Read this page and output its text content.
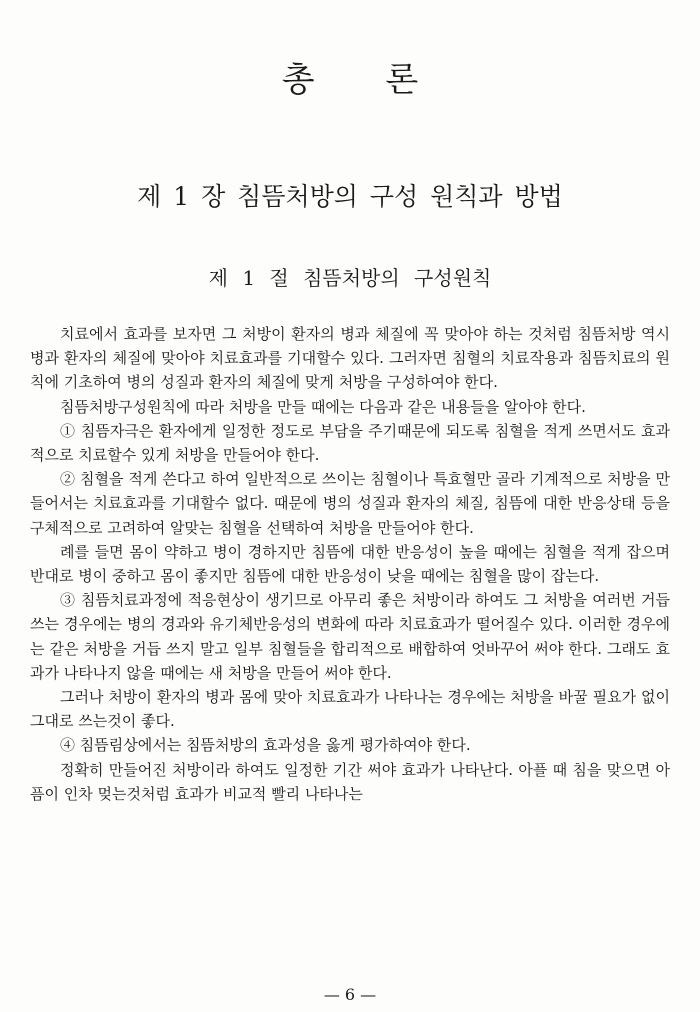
총 론
제 1 장 침뜸처방의 구성 원칙과 방법
제 1 절 침뜸처방의 구성원칙

치료에서 효과를 보자면 그 처방이 환자의 병과 체질에 꼭 맞아야 하는 것처럼 침뜸처방 역시 병과 환자의 체질에 맞아야 치료효과를 기대할수 있다. 그러자면 침혈의 치료작용과 침뜸치료의 원칙에 기초하여 병의 성질과 환자의 체질에 맞게 처방을 구성하여야 한다.

침뜸처방구성원칙에 따라 처방을 만들 때에는 다음과 같은 내용들을 알아야 한다.

① 침뜸자극은 환자에게 일정한 정도로 부담을 주기때문에 되도록 침혈을 적게 쓰면서도 효과적으로 치료할수 있게 처방을 만들어야 한다.

② 침혈을 적게 쓴다고 하여 일반적으로 쓰이는 침혈이나 특효혈만 골라 기계적으로 처방을 만들어서는 치료효과를 기대할수 없다. 때문에 병의 성질과 환자의 체질, 침뜸에 대한 반응상태 등을 구체적으로 고려하여 알맞는 침혈을 선택하여 처방을 만들어야 한다.

례를 들면 몸이 약하고 병이 경하지만 침뜸에 대한 반응성이 높을 때에는 침혈을 적게 잡으며 반대로 병이 중하고 몸이 좋지만 침뜸에 대한 반응성이 낮을 때에는 침혈을 많이 잡는다.

③ 침뜸치료과정에 적응현상이 생기므로 아무리 좋은 처방이라 하여도 그 처방을 여러번 거듭 쓰는 경우에는 병의 경과와 유기체반응성의 변화에 따라 치료효과가 떨어질수 있다. 이러한 경우에는 같은 처방을 거듭 쓰지 말고 일부 침혈들을 합리적으로 배합하여 엇바꾸어 써야 한다. 그래도 효과가 나타나지 않을 때에는 새 처방을 만들어 써야 한다.

그러나 처방이 환자의 병과 몸에 맞아 치료효과가 나타나는 경우에는 처방을 바꿀 필요가 없이 그대로 쓰는것이 좋다.

④ 침뜸림상에서는 침뜸처방의 효과성을 옳게 평가하여야 한다.

정확히 만들어진 처방이라 하여도 일정한 기간 써야 효과가 나타난다. 아플 때 침을 맞으면 아픔이 인차 멎는것처럼 효과가 비교적 빨리 나타나는

— 6 —
